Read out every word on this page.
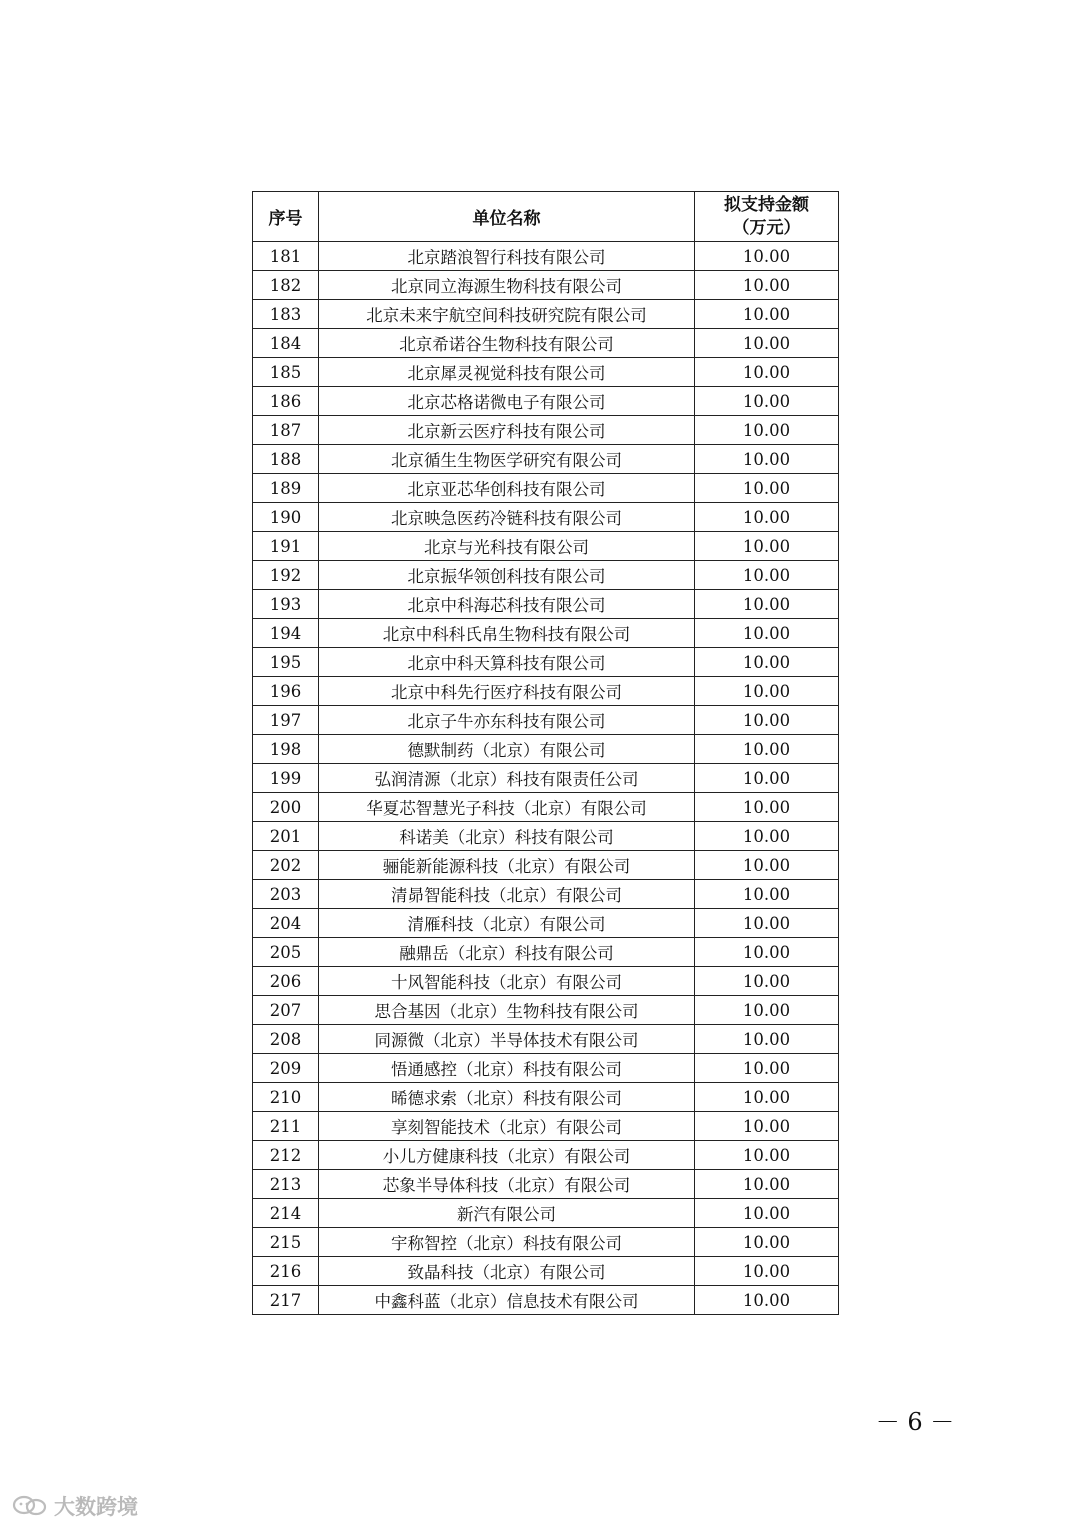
序号	单位名称	拟支持金额
（万元）

181	北京踏浪智行科技有限公司	10.00
182	北京同立海源生物科技有限公司	10.00
183	北京未来宇航空间科技研究院有限公司	10.00
184	北京希诺谷生物科技有限公司	10.00
185	北京犀灵视觉科技有限公司	10.00
186	北京芯格诺微电子有限公司	10.00
187	北京新云医疗科技有限公司	10.00
188	北京循生生物医学研究有限公司	10.00
189	北京亚芯华创科技有限公司	10.00
190	北京映急医药冷链科技有限公司	10.00
191	北京与光科技有限公司	10.00
192	北京振华领创科技有限公司	10.00
193	北京中科海芯科技有限公司	10.00
194	北京中科科氏帛生物科技有限公司	10.00
195	北京中科天算科技有限公司	10.00
196	北京中科先行医疗科技有限公司	10.00
197	北京子牛亦东科技有限公司	10.00
198	德默制药（北京）有限公司	10.00
199	弘润清源（北京）科技有限责任公司	10.00
200	华夏芯智慧光子科技（北京）有限公司	10.00
201	科诺美（北京）科技有限公司	10.00
202	骊能新能源科技（北京）有限公司	10.00
203	清昴智能科技（北京）有限公司	10.00
204	清雁科技（北京）有限公司	10.00
205	融鼎岳（北京）科技有限公司	10.00
206	十风智能科技（北京）有限公司	10.00
207	思合基因（北京）生物科技有限公司	10.00
208	同源微（北京）半导体技术有限公司	10.00
209	悟通感控（北京）科技有限公司	10.00
210	晞德求索（北京）科技有限公司	10.00
211	享刻智能技术（北京）有限公司	10.00
212	小儿方健康科技（北京）有限公司	10.00
213	芯象半导体科技（北京）有限公司	10.00
214	新汽有限公司	10.00
215	宇称智控（北京）科技有限公司	10.00
216	致晶科技（北京）有限公司	10.00
217	中鑫科蓝（北京）信息技术有限公司	10.00
－ 6 －
大数跨境
